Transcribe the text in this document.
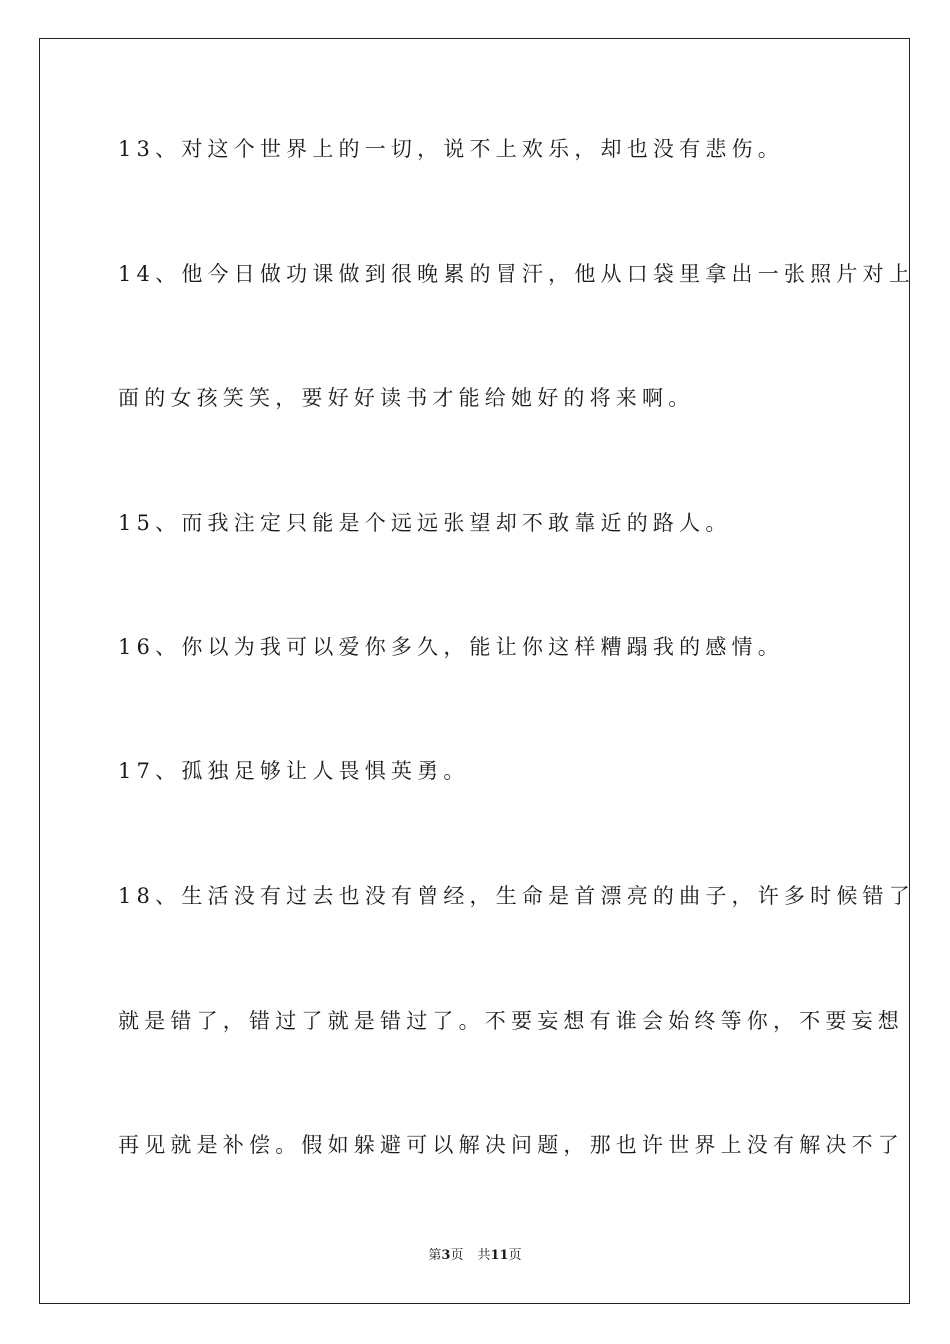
13、对这个世界上的一切，说不上欢乐，却也没有悲伤。
14、他今日做功课做到很晚累的冒汗，他从口袋里拿出一张照片对上
面的女孩笑笑，要好好读书才能给她好的将来啊。
15、而我注定只能是个远远张望却不敢靠近的路人。
16、你以为我可以爱你多久，能让你这样糟蹋我的感情。
17、孤独足够让人畏惧英勇。
18、生活没有过去也没有曾经，生命是首漂亮的曲子，许多时候错了
就是错了，错过了就是错过了。不要妄想有谁会始终等你，不要妄想
再见就是补偿。假如躲避可以解决问题，那也许世界上没有解决不了
第3页 共11页
